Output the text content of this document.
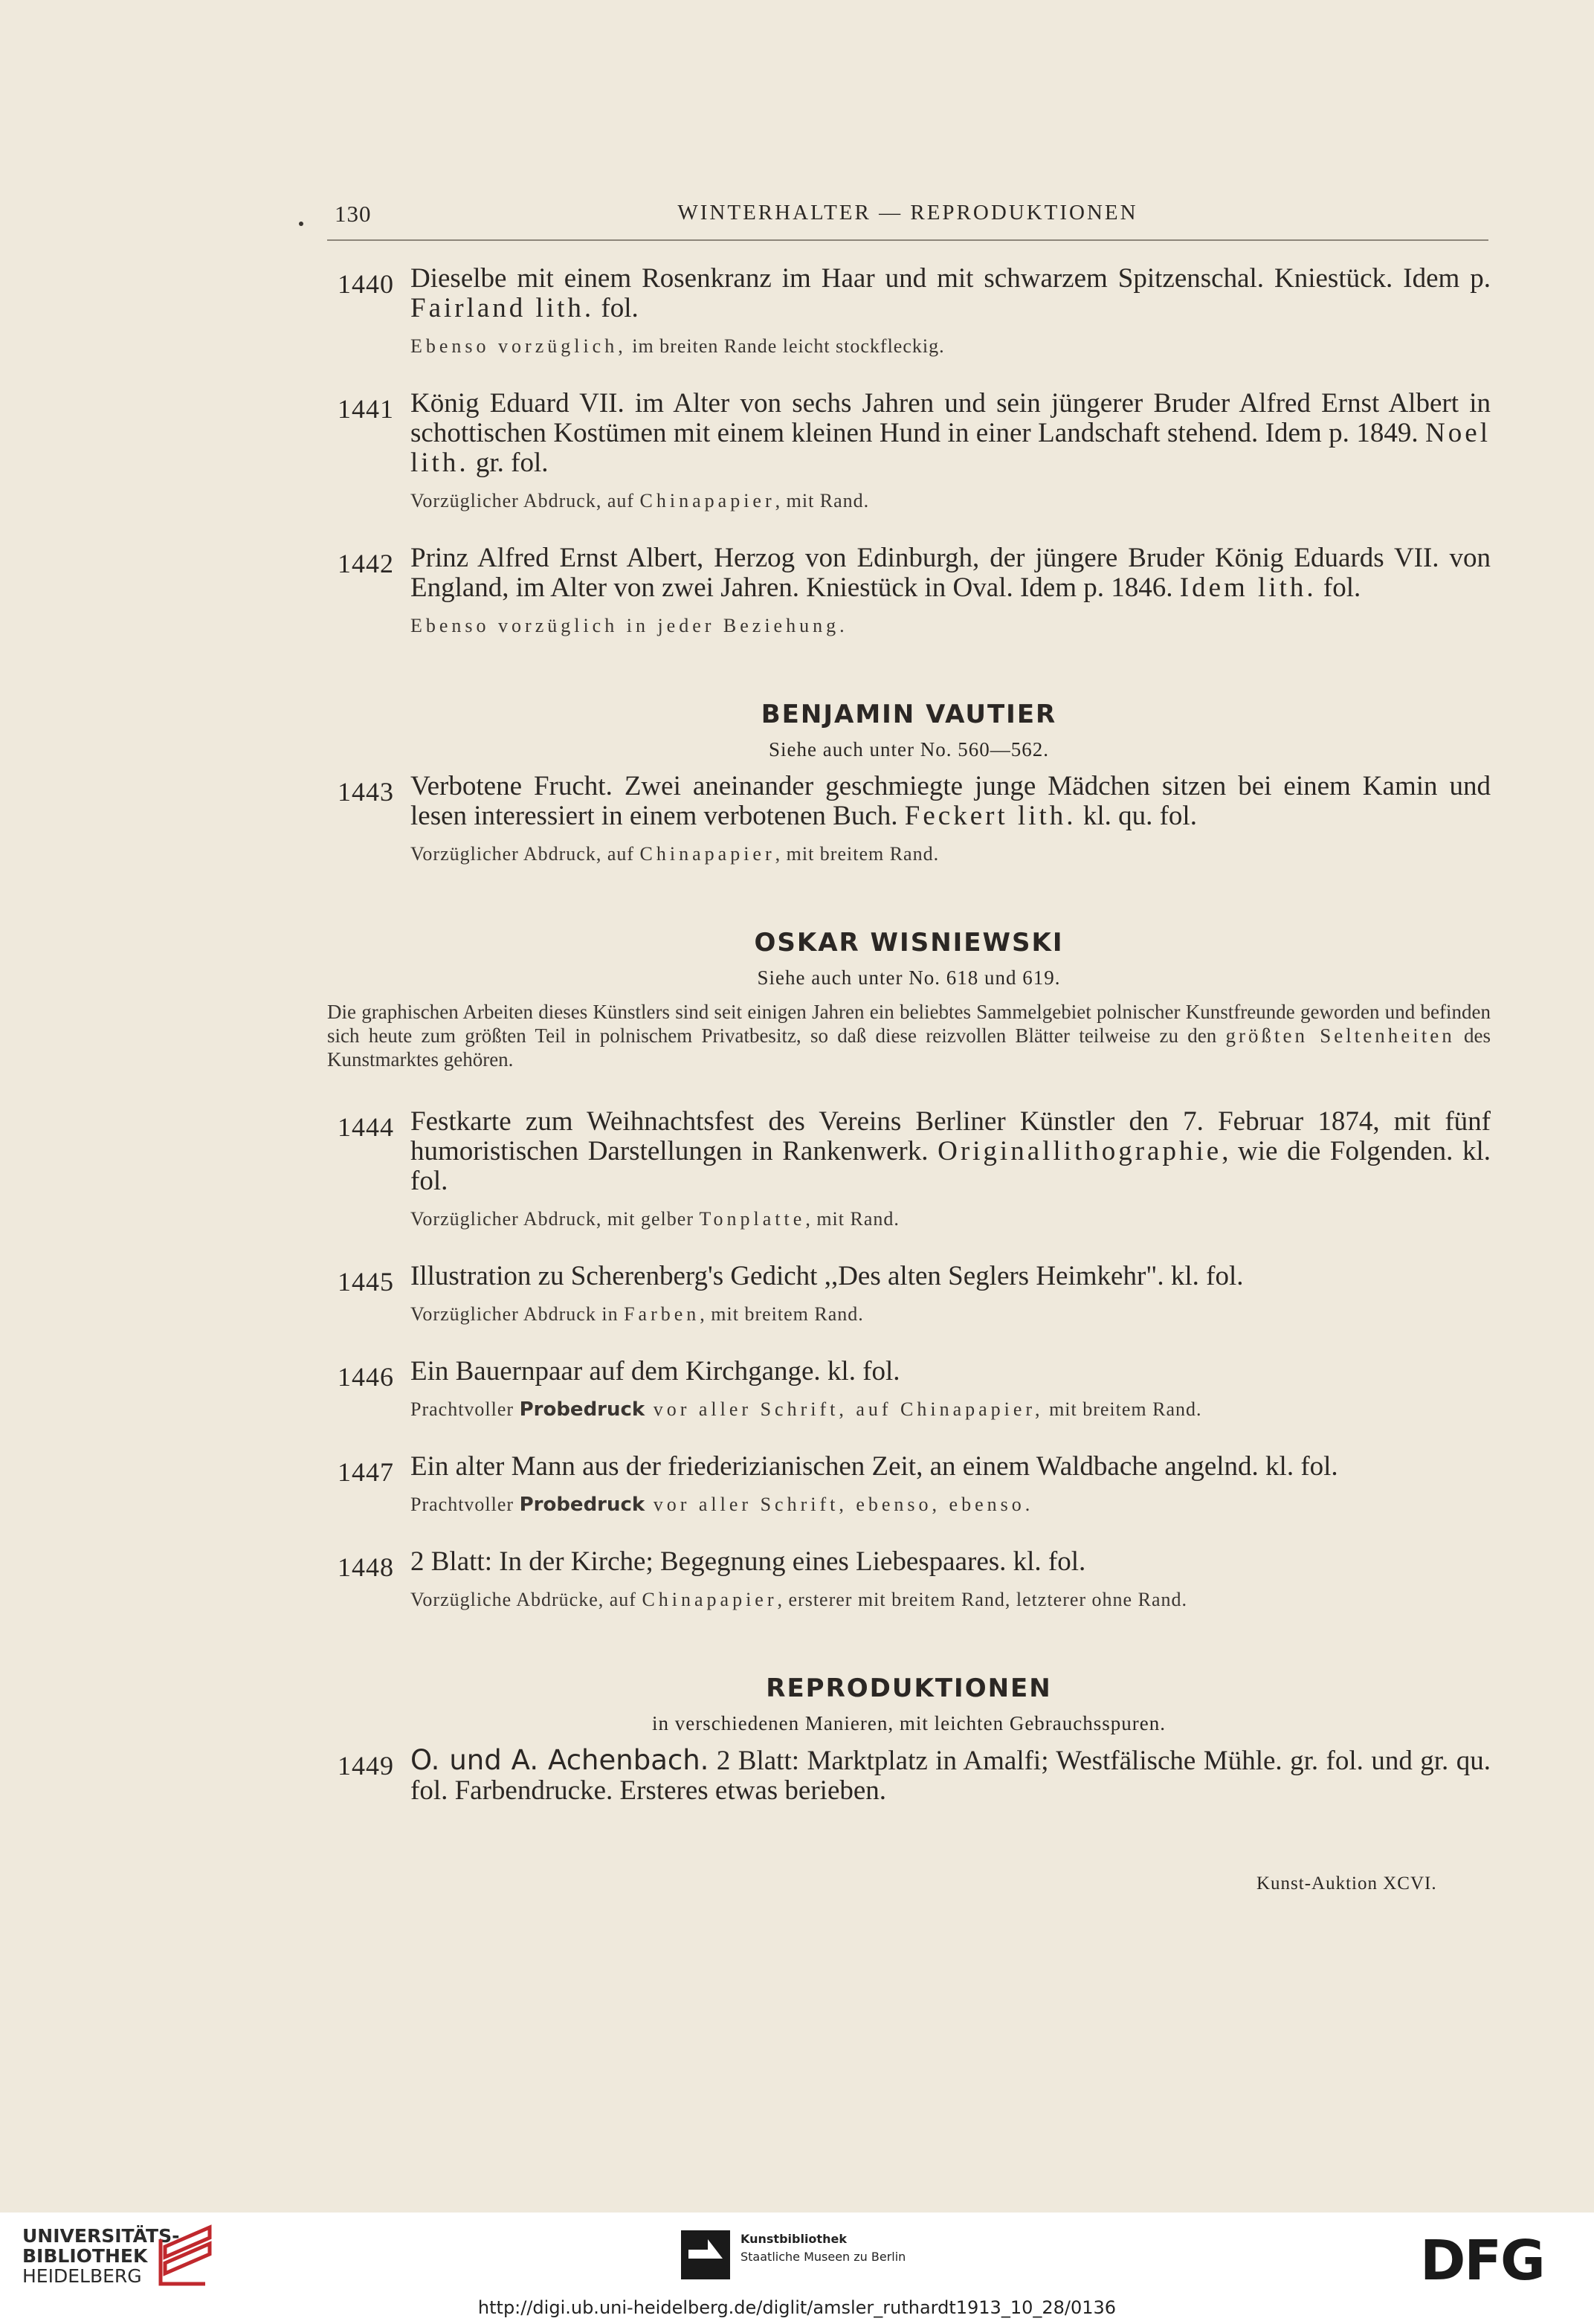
130	WINTERHALTER — REPRODUKTIONEN
1440 Dieselbe mit einem Rosenkranz im Haar und mit schwarzem Spitzenschal. Kniestück. Idem p. Fairland lith. fol.
Ebenso vorzüglich, im breiten Rande leicht stockfleckig.
1441 König Eduard VII. im Alter von sechs Jahren und sein jüngerer Bruder Alfred Ernst Albert in schottischen Kostümen mit einem kleinen Hund in einer Landschaft stehend. Idem p. 1849. Noel lith. gr. fol.
Vorzüglicher Abdruck, auf Chinapapier, mit Rand.
1442 Prinz Alfred Ernst Albert, Herzog von Edinburgh, der jüngere Bruder König Eduards VII. von England, im Alter von zwei Jahren. Kniestück in Oval. Idem p. 1846. Idem lith. fol.
Ebenso vorzüglich in jeder Beziehung.
BENJAMIN VAUTIER
Siehe auch unter No. 560—562.
1443 Verbotene Frucht. Zwei aneinander geschmiegte junge Mädchen sitzen bei einem Kamin und lesen interessiert in einem verbotenen Buch. Feckert lith. kl. qu. fol.
Vorzüglicher Abdruck, auf Chinapapier, mit breitem Rand.
OSKAR WISNIEWSKI
Siehe auch unter No. 618 und 619.
Die graphischen Arbeiten dieses Künstlers sind seit einigen Jahren ein beliebtes Sammelgebiet polnischer Kunstfreunde geworden und befinden sich heute zum größten Teil in polnischem Privatbesitz, so daß diese reizvollen Blätter teilweise zu den größten Seltenheiten des Kunstmarktes gehören.
1444 Festkarte zum Weihnachtsfest des Vereins Berliner Künstler den 7. Februar 1874, mit fünf humoristischen Darstellungen in Rankenwerk. Originallithographie, wie die Folgenden. kl. fol.
Vorzüglicher Abdruck, mit gelber Tonplatte, mit Rand.
1445 Illustration zu Scherenberg's Gedicht ,,Des alten Seglers Heimkehr". kl. fol.
Vorzüglicher Abdruck in Farben, mit breitem Rand.
1446 Ein Bauernpaar auf dem Kirchgange. kl. fol.
Prachtvoller Probedruck vor aller Schrift, auf Chinapapier, mit breitem Rand.
1447 Ein alter Mann aus der friederizianischen Zeit, an einem Waldbache angelnd. kl. fol.
Prachtvoller Probedruck vor aller Schrift, ebenso, ebenso.
1448 2 Blatt: In der Kirche; Begegnung eines Liebespaares. kl. fol.
Vorzügliche Abdrücke, auf Chinapapier, ersterer mit breitem Rand, letzterer ohne Rand.
REPRODUKTIONEN
in verschiedenen Manieren, mit leichten Gebrauchsspuren.
1449 O. und A. Achenbach. 2 Blatt: Marktplatz in Amalfi; Westfälische Mühle. gr. fol. und gr. qu. fol. Farbendrucke. Ersteres etwas berieben.
Kunst-Auktion XCVI.
UNIVERSITÄTS-
BIBLIOTHEK
HEIDELBERG
Kunstbibliothek
Staatliche Museen zu Berlin	DFG
http://digi.ub.uni-heidelberg.de/diglit/amsler_ruthardt1913_10_28/0136
